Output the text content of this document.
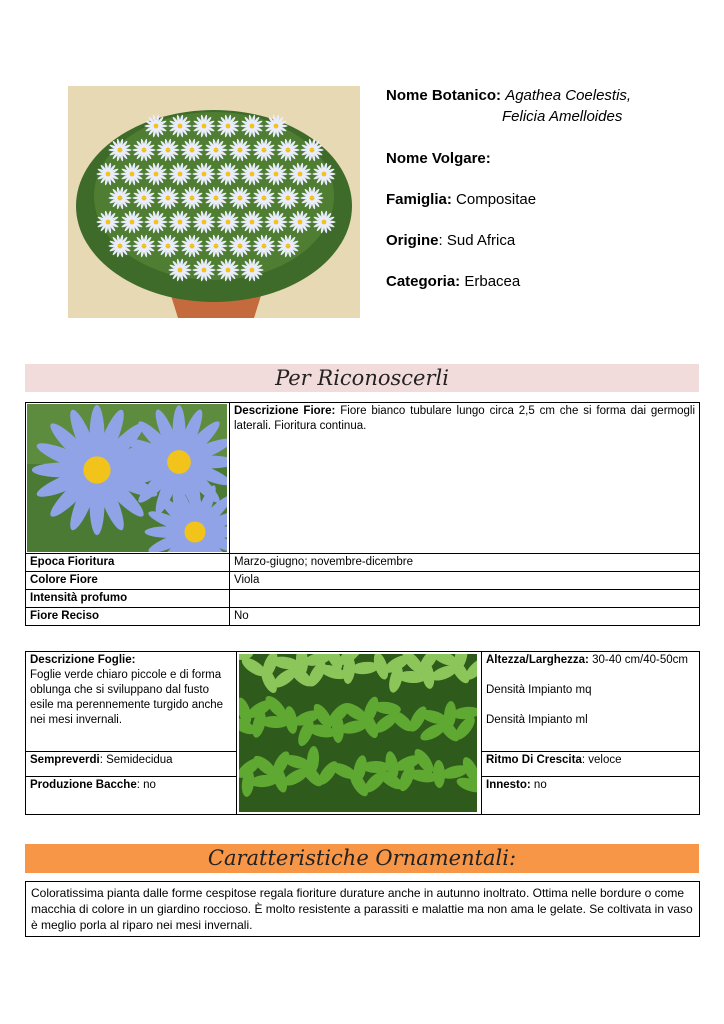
Nome Botanico: Agathea Coelestis,
Felicia Amelloides
Nome Volgare:
Famiglia: Compositae
Origine: Sud Africa
Categoria: Erbacea
Per Riconoscerli
	Descrizione Fiore: Fiore bianco tubulare lungo circa 2,5 cm che si forma dai germogli laterali. Fioritura continua.
Epoca Fioritura	Marzo-giugno; novembre-dicembre
Colore Fiore	Viola
Intensità profumo	
Fiore Reciso	No
Descrizione Foglie:
Foglie verde chiaro piccole e di forma oblunga che si sviluppano dal fusto esile ma perennemente turgido anche nei mesi invernali.		Altezza/Larghezza: 30-40 cm/40-50cm

Densità Impianto mq

Densità Impianto ml
Sempreverdi: Semidecidua		Ritmo Di Crescita: veloce
Produzione Bacche: no		Innesto: no
Caratteristiche Ornamentali:
Coloratissima pianta dalle forme cespitose regala fioriture durature anche in autunno inoltrato. Ottima nelle bordure o come macchia di colore in un giardino roccioso. È molto resistente a parassiti e malattie ma non ama le gelate. Se coltivata in vaso è meglio porla al riparo nei mesi invernali.
